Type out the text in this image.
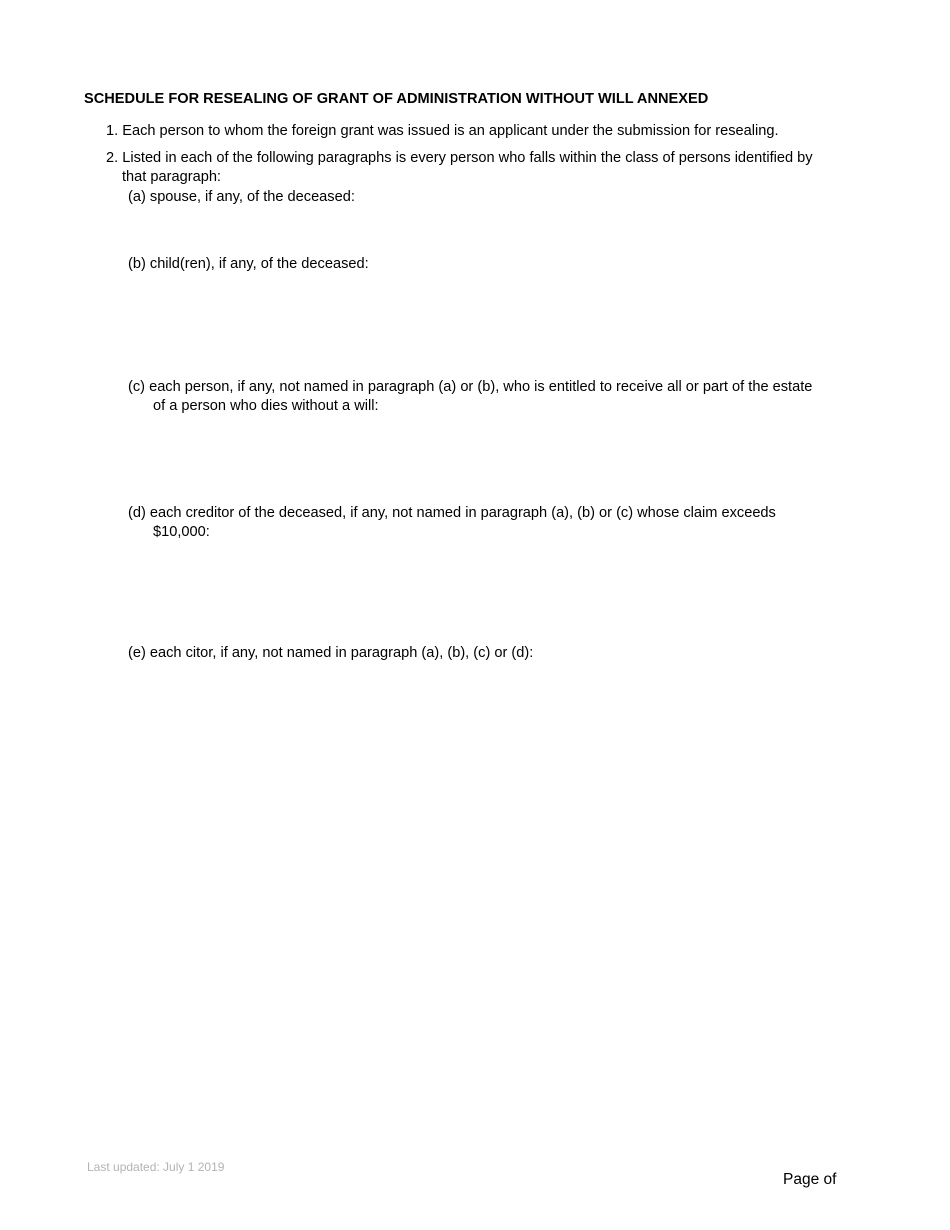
SCHEDULE FOR RESEALING OF GRANT OF ADMINISTRATION WITHOUT WILL ANNEXED
1. Each person to whom the foreign grant was issued is an applicant under the submission for resealing.
2. Listed in each of the following paragraphs is every person who falls within the class of persons identified by
that paragraph:
(a) spouse, if any, of the deceased:
(b) child(ren), if any, of the deceased:
(c) each person, if any, not named in paragraph (a) or (b), who is entitled to receive all or part of the estate
of a person who dies without a will:
(d) each creditor of the deceased, if any, not named in paragraph (a), (b) or (c) whose claim exceeds
$10,000:
(e) each citor, if any, not named in paragraph (a), (b), (c) or (d):
Last updated: July 1 2019
Page of
